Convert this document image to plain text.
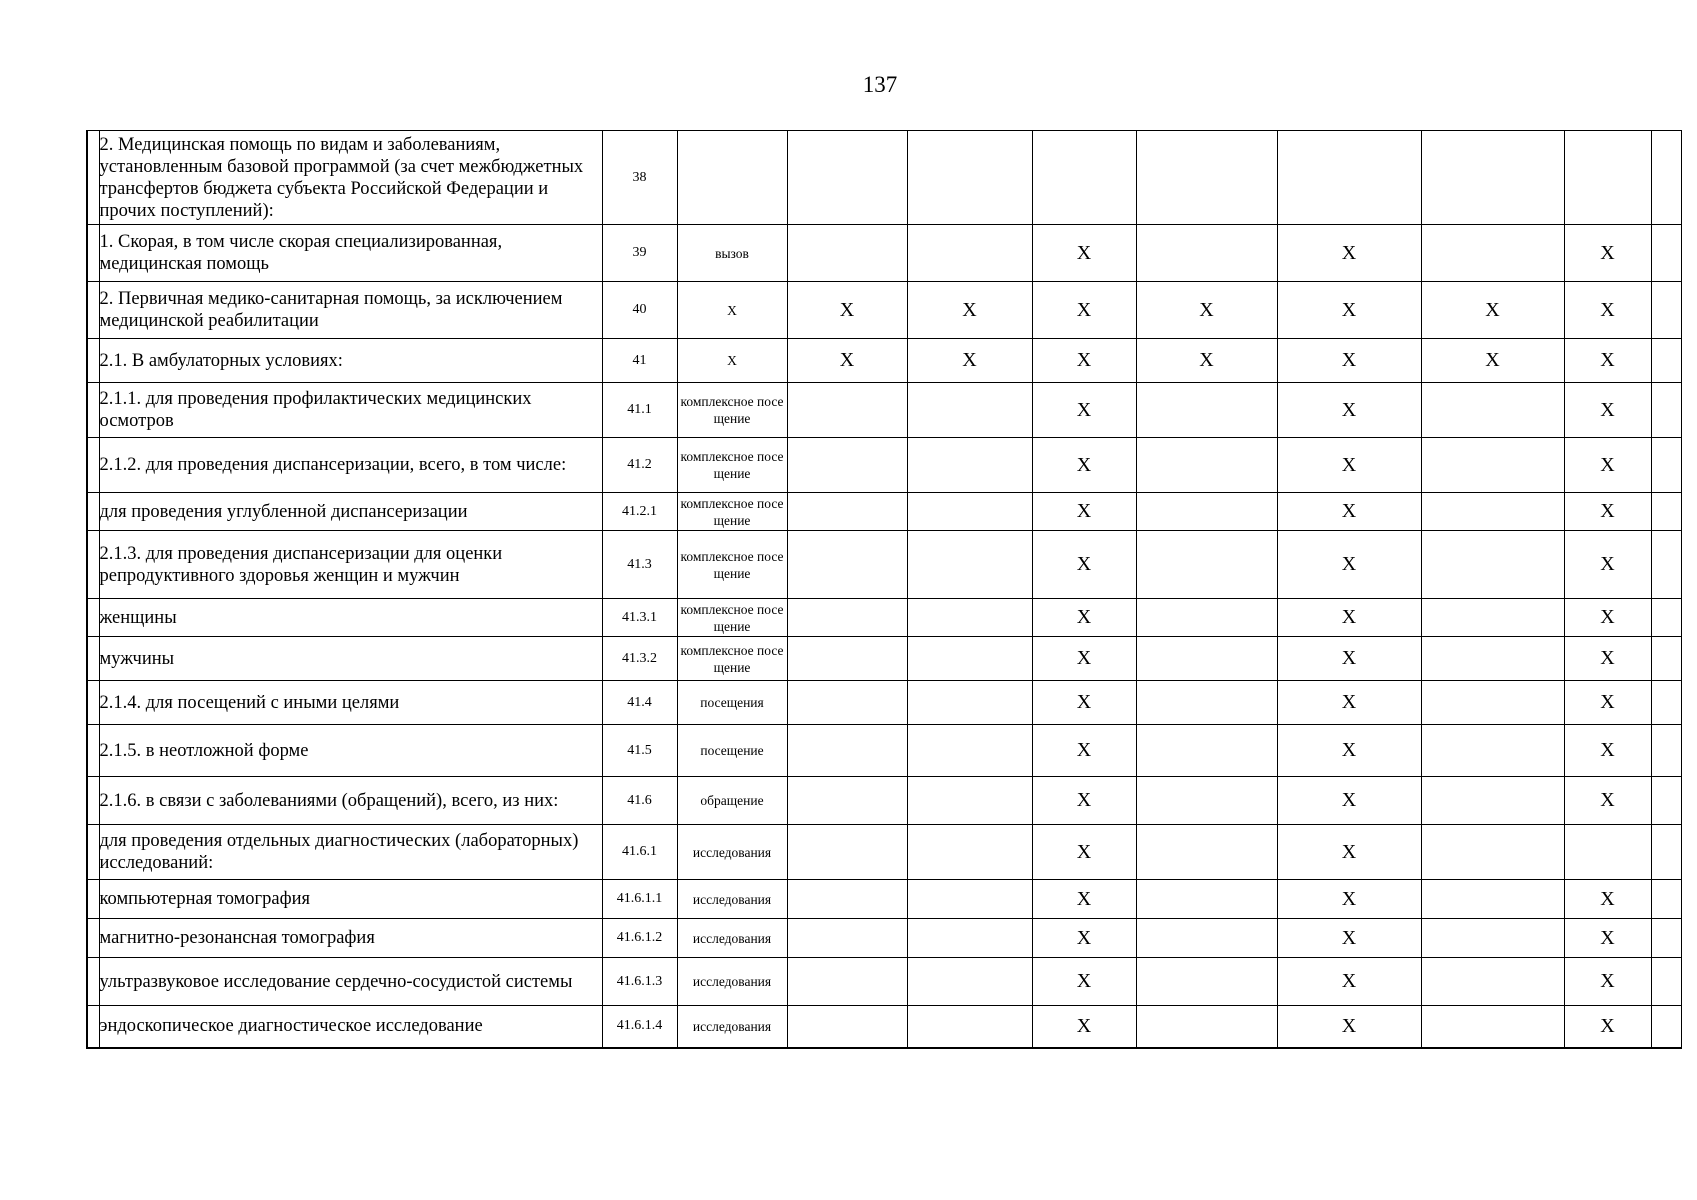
137
	2. Медицинская помощь по видам и заболеваниям, установленным базовой программой (за счет межбюджетных трансфертов бюджета субъекта Российской Федерации и прочих поступлений):	38									
	1. Скорая, в том числе скорая специализированная, медицинская помощь	39	вызов			X		X		X	
	2. Первичная медико-санитарная помощь, за исключением медицинской реабилитации	40	X	X	X	X	X	X	X	X	
	2.1. В амбулаторных условиях:	41	X	X	X	X	X	X	X	X	
	2.1.1. для проведения профилактических медицинских осмотров	41.1	комплексное посещение			X		X		X	
	2.1.2. для проведения диспансеризации, всего, в том числе:	41.2	комплексное посещение			X		X		X	
	для проведения углубленной диспансеризации	41.2.1	комплексное посещение			X		X		X	
	2.1.3. для проведения диспансеризации для оценки репродуктивного здоровья женщин и мужчин	41.3	комплексное посещение			X		X		X	
	женщины	41.3.1	комплексное посещение			X		X		X	
	мужчины	41.3.2	комплексное посещение			X		X		X	
	2.1.4. для посещений с иными целями	41.4	посещения			X		X		X	
	2.1.5. в неотложной форме	41.5	посещение			X		X		X	
	2.1.6. в связи с заболеваниями (обращений), всего, из них:	41.6	обращение			X		X		X	
	для проведения отдельных диагностических (лабораторных) исследований:	41.6.1	исследования			X		X			
	компьютерная томография	41.6.1.1	исследования			X		X		X	
	магнитно-резонансная томография	41.6.1.2	исследования			X		X		X	
	ультразвуковое исследование сердечно-сосудистой системы	41.6.1.3	исследования			X		X		X	
	эндоскопическое диагностическое исследование	41.6.1.4	исследования			X		X		X	
